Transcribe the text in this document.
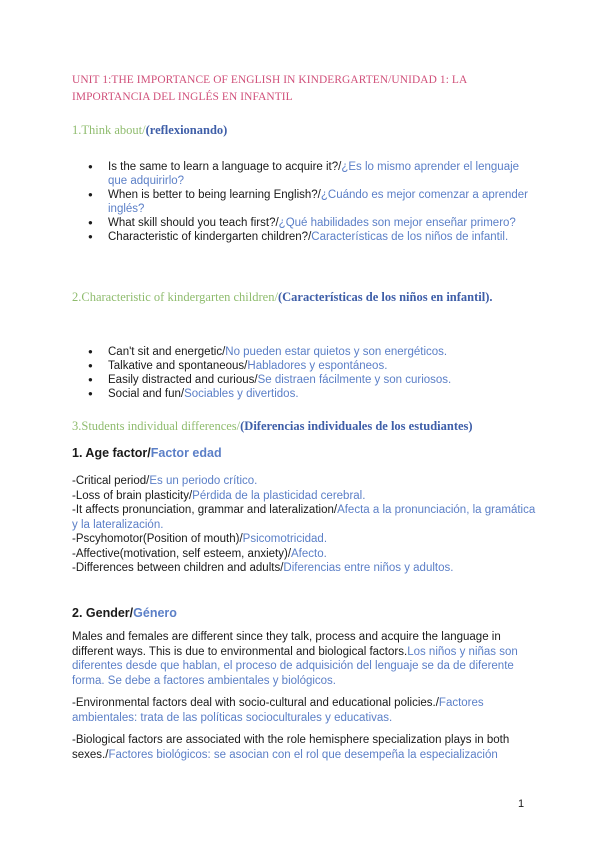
UNIT 1:THE IMPORTANCE OF ENGLISH IN KINDERGARTEN/UNIDAD 1: LA IMPORTANCIA DEL INGLÉS EN INFANTIL
1.Think about/(reflexionando)
● Is the same to learn a language to acquire it?/¿Es lo mismo aprender el lenguaje que adquirirlo?
● When is better to being learning English?/¿Cuándo es mejor comenzar a aprender inglés?
● What skill should you teach first?/¿Qué habilidades son mejor enseñar primero?
● Characteristic of kindergarten children?/Características de los niños de infantil.
2.Characteristic of kindergarten children/(Características de los niños en infantil).
● Can't sit and energetic/No pueden estar quietos y son energéticos.
● Talkative and spontaneous/Habladores y espontáneos.
● Easily distracted and curious/Se distraen fácilmente y son curiosos.
● Social and fun/Sociables y divertidos.
3.Students individual differences/(Diferencias individuales de los estudiantes)
1. Age factor/Factor edad
-Critical period/Es un periodo crítico.
-Loss of brain plasticity/Pérdida de la plasticidad cerebral.
-It affects pronunciation, grammar and lateralization/Afecta a la pronunciación, la gramática y la lateralización.
-Pscyhomotor(Position of mouth)/Psicomotricidad.
-Affective(motivation, self esteem, anxiety)/Afecto.
-Differences between children and adults/Diferencias entre niños y adultos.
2. Gender/Género
Males and females are different since they talk, process and acquire the language in different ways. This is due to environmental and biological factors.Los niños y niñas son diferentes desde que hablan, el proceso de adquisición del lenguaje se da de diferente forma. Se debe a factores ambientales y biológicos.
-Environmental factors deal with socio-cultural and educational policies./Factores ambientales: trata de las políticas socioculturales y educativas.
-Biological factors are associated with the role hemisphere specialization plays in both sexes./Factores biológicos: se asocian con el rol que desempeña la especialización
1
